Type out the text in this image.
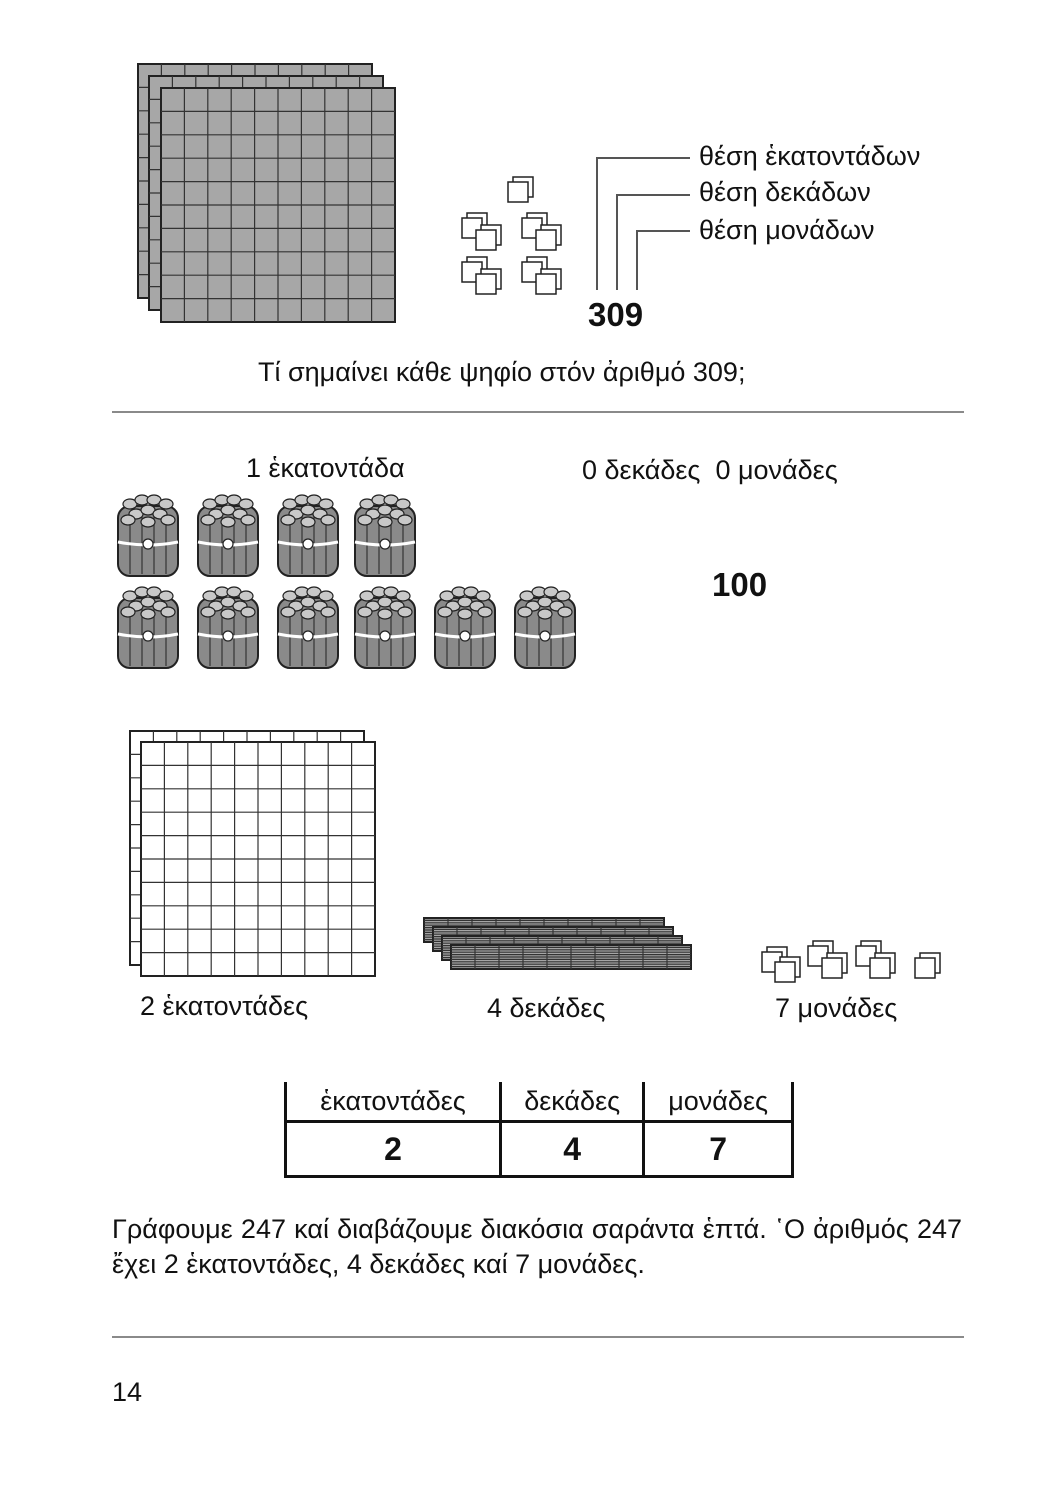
θέση ἑκατοντάδων
θέση δεκάδων
θέση μονάδων
309
Τί σημαίνει κάθε ψηφίο στόν ἀριθμό 309;
1 ἑκατοντάδα	0 δεκάδες  0 μονάδες
100
2 ἑκατοντάδες	4 δεκάδες	7 μονάδες
ἑκατοντάδες	δεκάδες	μονάδες
2	4	7
Γράφουμε 247 καί διαβάζουμε διακόσια σαράντα ἑπτά. ῾Ο ἀριθμός 247 ἔχει 2 ἑκατοντάδες, 4 δεκάδες καί 7 μονάδες.
14
